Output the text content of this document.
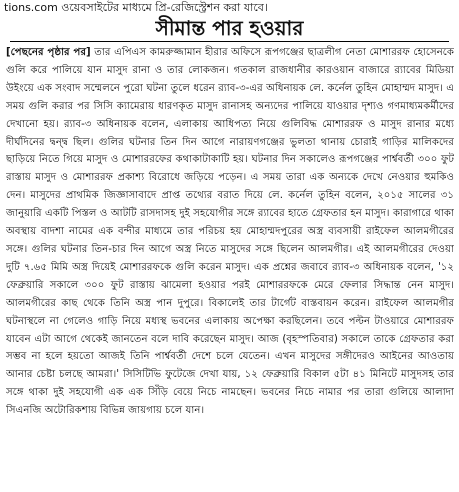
tions.com ওয়েবসাইটের মাধ্যমে প্রি-রেজিস্ট্রেশন করা যাবে।
সীমান্ত পার হওয়ার

[পেছনের পৃষ্ঠার পর] তার এপিএস কামরুজ্জামান হীরার অফিসে রূপগঞ্জের ছাত্রলীগ নেতা মোশাররফ হোসেনকে গুলি করে পালিয়ে যান মাসুদ রানা ও তার লোকজন। গতকাল রাজধানীর কারওয়ান বাজারে র‍্যাবের মিডিয়া উইংয়ে এক সংবাদ সম্মেলনে পুরো ঘটনা তুলে ধরেন র‍্যাব-৩-এর অধিনায়ক লে. কর্নেল তুহিন মোহাম্মদ মাসুদ। এ সময় গুলি করার পর সিসি ক্যামেরায় ধারণকৃত মাসুদ রানাসহ অন্যদের পালিয়ে যাওয়ার দৃশ্যও গণমাধ্যমকর্মীদের দেখানো হয়। র‍্যাব-৩ অধিনায়ক বলেন, এলাকায় আধিপত্য নিয়ে গুলিবিদ্ধ মোশাররফ ও মাসুদ রানার মধ্যে দীর্ঘদিনের দ্বন্দ্ব ছিল। গুলির ঘটনার তিন দিন আগে নারায়ণগঞ্জের ভুলতা থানায় চোরাই গাড়ির মালিকদের ছাড়িয়ে নিতে গিয়ে মাসুদ ও মোশাররফের কথাকাটাকাটি হয়। ঘটনার দিন সকালেও রূপগঞ্জের পার্শ্ববর্তী ৩০০ ফুট রাস্তায় মাসুদ ও মোশাররফ প্রকাশ্য বিরোধে জড়িয়ে পড়েন। এ সময় তারা এক অন্যকে দেখে নেওয়ার হুমকিও দেন। মাসুদের প্রাথমিক জিজ্ঞাসাবাদে প্রাপ্ত তথ্যের বরাত দিয়ে লে. কর্নেল তুহিন বলেন, ২০১৫ সালের ৩১ জানুয়ারি একটি পিস্তল ও আটটি রাসদাসহ দুই সহযোগীর সঙ্গে র‍্যাবের হাতে গ্রেফতার হন মাসুদ। কারাগারে থাকা অবস্থায় বাদশা নামের এক বন্দীর মাধ্যমে তার পরিচয় হয় মোহাম্মদপুরের অস্ত্র ব্যবসায়ী রাইফেল আলমগীরের সঙ্গে। গুলির ঘটনার তিন-চার দিন আগে অস্ত্র নিতে মাসুদের সঙ্গে ছিলেন আলমগীর। এই আলমগীরের দেওয়া দুটি ৭.৬৫ মিমি অস্ত্র দিয়েই মোশাররফকে গুলি করেন মাসুদ। এক প্রশ্নের জবাবে র‍্যাব-৩ অধিনায়ক বলেন, '১২ ফেব্রুয়ারি সকালে ৩০০ ফুট রাস্তায় ঝামেলা হওয়ার পরই মোশাররফকে মেরে ফেলার সিদ্ধান্ত নেন মাসুদ। আলমগীরের কাছ থেকে তিনি অস্ত্র পান দুপুরে। বিকালেই তার টার্গেট বাস্তবায়ন করেন। রাইফেল আলমগীর ঘটনাস্থলে না গেলেও গাড়ি নিয়ে মধ্যস্থ ভবনের এলাকায় অপেক্ষা করছিলেন। তবে পল্টন টাওয়ারে মোশাররফ যাবেন এটা আগে থেকেই জানতেন বলে দাবি করেছেন মাসুদ। আজ (বৃহস্পতিবার) সকালে তাকে গ্রেফতার করা সম্ভব না হলে হয়তো আজই তিনি পার্শ্ববর্তী দেশে চলে যেতেন। এখন মাসুদের সঙ্গীদেরও আইনের আওতায় আনার চেষ্টা চলছে আমরা।' সিসিটিভি ফুটেজে দেখা যায়, ১২ ফেব্রুয়ারি বিকাল ৫টা ৪১ মিনিটে মাসুদসহ তার সঙ্গে থাকা দুই সহযোগী এক এক সিঁড়ি বেয়ে নিচে নামছেন। ভবনের নিচে নামার পর তারা গুলিয়ে আলাদা সিএনজি অটোরিকশায় বিভিন্ন জায়গায় চলে যান।
